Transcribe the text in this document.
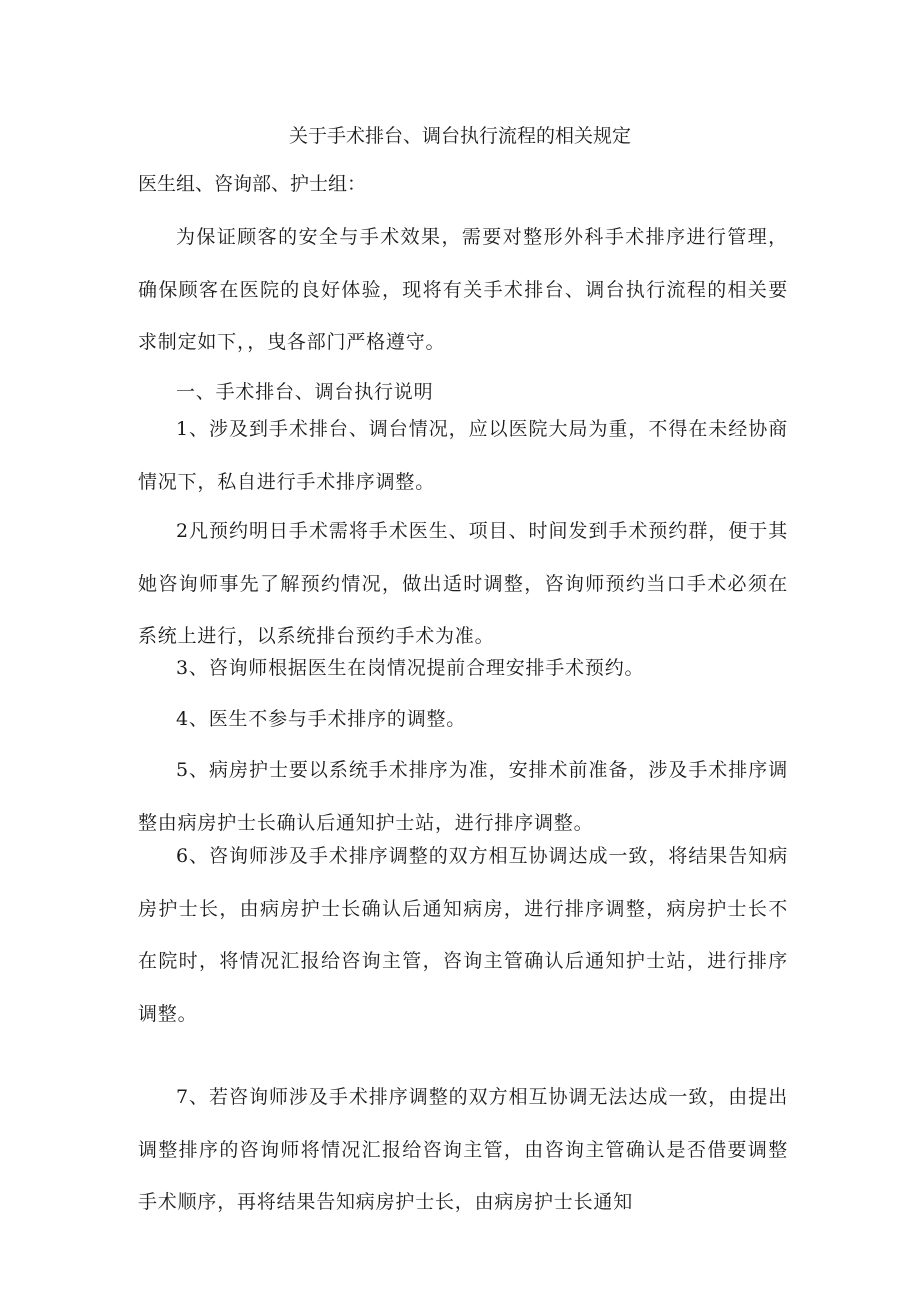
关于手术排台、调台执行流程的相关规定

医生组、咨询部、护士组：

为保证顾客的安全与手术效果，需要对整形外科手术排序进行管理，确保顾客在医院的良好体验，现将有关手术排台、调台执行流程的相关要求制定如下，，曳各部门严格遵守。

一、手术排台、调台执行说明

1、涉及到手术排台、调台情况，应以医院大局为重，不得在未经协商情况下，私自进行手术排序调整。

2凡预约明日手术需将手术医生、项目、时间发到手术预约群，便于其她咨询师事先了解预约情况，做出适时调整，咨询师预约当口手术必须在系统上进行，以系统排台预约手术为准。

3、咨询师根据医生在岗情况提前合理安排手术预约。

4、医生不参与手术排序的调整。

5、病房护士要以系统手术排序为准，安排术前准备，涉及手术排序调整由病房护士长确认后通知护士站，进行排序调整。

6、咨询师涉及手术排序调整的双方相互协调达成一致，将结果告知病房护士长，由病房护士长确认后通知病房，进行排序调整，病房护士长不在院时，将情况汇报给咨询主管，咨询主管确认后通知护士站，进行排序调整。

7、若咨询师涉及手术排序调整的双方相互协调无法达成一致，由提出调整排序的咨询师将情况汇报给咨询主管，由咨询主管确认是否借要调整手术顺序，再将结果告知病房护士长，由病房护士长通知
